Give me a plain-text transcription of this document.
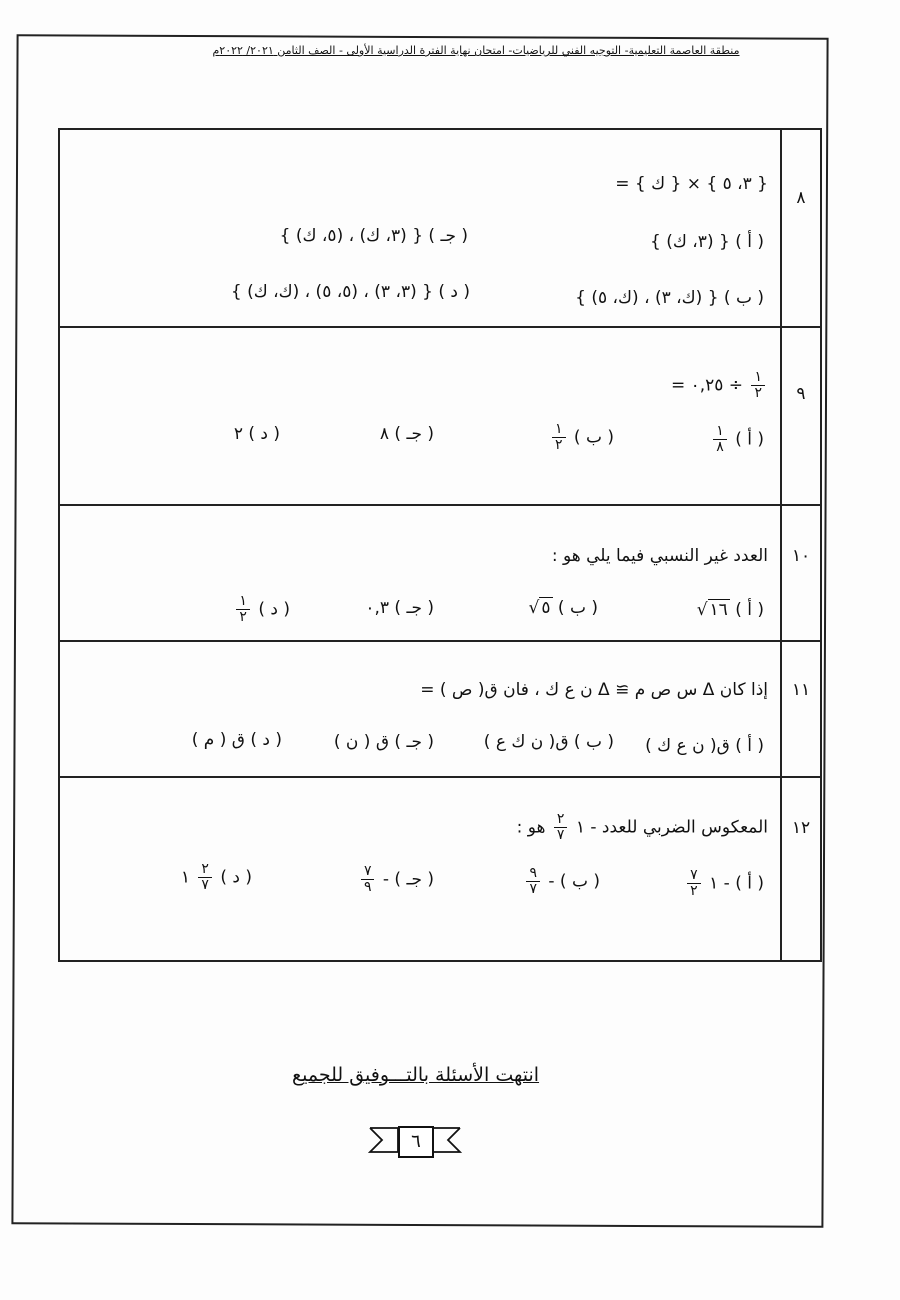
منطقة العاصمة التعليمية- التوجيه الفني للرياضيات- امتحان نهاية الفترة الدراسية الأولى - الصف الثامن ٢٠٢١/ ٢٠٢٢م
٨
{ ٣، ٥ } × { ك } =
( أ ) { (٣، ك) }
( جـ ) { (٣، ك) ، (٥، ك) }
( ب ) { (ك، ٣) ، (ك، ٥) }
( د ) { (٣، ٣) ، (٥، ٥) ، (ك، ك) }
٩
$\frac{١}{٢}$
÷ ٠,٢٥ =
( أ )
$\frac{١}{٨}$
( ب )
$\frac{١}{٢}$
( جـ ) ٨
( د ) ٢
١٠
العدد غير النسبي فيما يلي هو :
( أ ) √ ١٦
( ب ) √ ٥
( جـ ) ٠,٣
( د )
$\frac{١}{٢}$
١١
إذا كان Δ س ص م ≅ Δ ن ع ك ، فان ق( ص ) =
( أ ) ق( ن ع ك )
( ب ) ق( ن ك ع )
( جـ ) ق ( ن )
( د ) ق ( م )
١٢
المعكوس الضربي للعدد - ١
$\frac{٢}{٧}$
هو :
( أ ) - ١
$\frac{٧}{٢}$
( ب ) -
$\frac{٩}{٧}$
( جـ ) -
$\frac{٧}{٩}$
( د )
$\frac{٢}{٧}$
١
انتهت الأسئلة بالتـــوفيق للجميع
٦
